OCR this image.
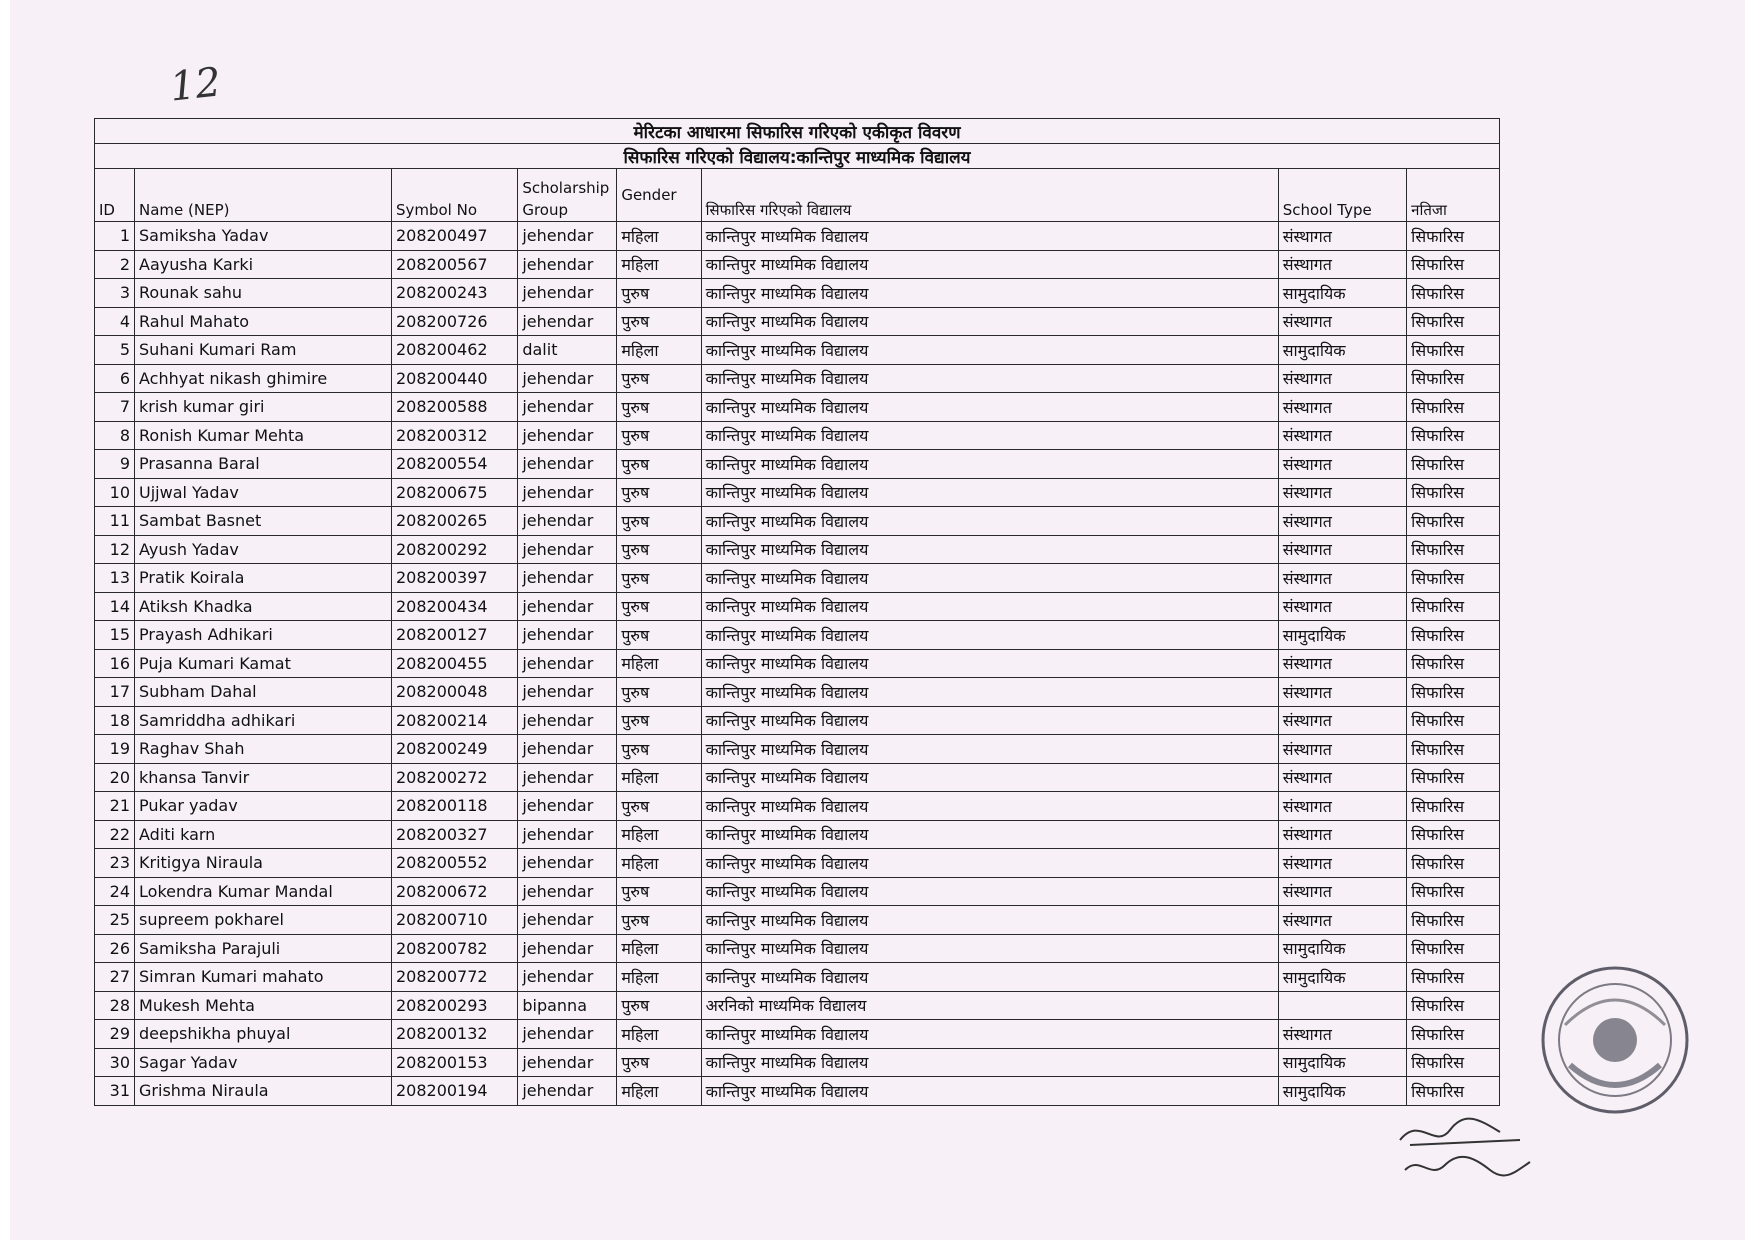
12
मेरिटका आधारमा सिफारिस गरिएको एकीकृत विवरण							
सिफारिस गरिएको विद्यालय:कान्तिपुर माध्यमिक विद्यालय							
ID	Name (NEP)	Symbol No	Scholarship Group	Gender	सिफारिस गरिएको विद्यालय	School Type	नतिजा
1	Samiksha Yadav	208200497	jehendar	महिला	कान्तिपुर माध्यमिक विद्यालय	संस्थागत	सिफारिस
2	Aayusha Karki	208200567	jehendar	महिला	कान्तिपुर माध्यमिक विद्यालय	संस्थागत	सिफारिस
3	Rounak sahu	208200243	jehendar	पुरुष	कान्तिपुर माध्यमिक विद्यालय	सामुदायिक	सिफारिस
4	Rahul Mahato	208200726	jehendar	पुरुष	कान्तिपुर माध्यमिक विद्यालय	संस्थागत	सिफारिस
5	Suhani Kumari Ram	208200462	dalit	महिला	कान्तिपुर माध्यमिक विद्यालय	सामुदायिक	सिफारिस
6	Achhyat nikash ghimire	208200440	jehendar	पुरुष	कान्तिपुर माध्यमिक विद्यालय	संस्थागत	सिफारिस
7	krish kumar giri	208200588	jehendar	पुरुष	कान्तिपुर माध्यमिक विद्यालय	संस्थागत	सिफारिस
8	Ronish Kumar Mehta	208200312	jehendar	पुरुष	कान्तिपुर माध्यमिक विद्यालय	संस्थागत	सिफारिस
9	Prasanna Baral	208200554	jehendar	पुरुष	कान्तिपुर माध्यमिक विद्यालय	संस्थागत	सिफारिस
10	Ujjwal Yadav	208200675	jehendar	पुरुष	कान्तिपुर माध्यमिक विद्यालय	संस्थागत	सिफारिस
11	Sambat Basnet	208200265	jehendar	पुरुष	कान्तिपुर माध्यमिक विद्यालय	संस्थागत	सिफारिस
12	Ayush Yadav	208200292	jehendar	पुरुष	कान्तिपुर माध्यमिक विद्यालय	संस्थागत	सिफारिस
13	Pratik Koirala	208200397	jehendar	पुरुष	कान्तिपुर माध्यमिक विद्यालय	संस्थागत	सिफारिस
14	Atiksh Khadka	208200434	jehendar	पुरुष	कान्तिपुर माध्यमिक विद्यालय	संस्थागत	सिफारिस
15	Prayash Adhikari	208200127	jehendar	पुरुष	कान्तिपुर माध्यमिक विद्यालय	सामुदायिक	सिफारिस
16	Puja Kumari Kamat	208200455	jehendar	महिला	कान्तिपुर माध्यमिक विद्यालय	संस्थागत	सिफारिस
17	Subham Dahal	208200048	jehendar	पुरुष	कान्तिपुर माध्यमिक विद्यालय	संस्थागत	सिफारिस
18	Samriddha adhikari	208200214	jehendar	पुरुष	कान्तिपुर माध्यमिक विद्यालय	संस्थागत	सिफारिस
19	Raghav Shah	208200249	jehendar	पुरुष	कान्तिपुर माध्यमिक विद्यालय	संस्थागत	सिफारिस
20	khansa Tanvir	208200272	jehendar	महिला	कान्तिपुर माध्यमिक विद्यालय	संस्थागत	सिफारिस
21	Pukar yadav	208200118	jehendar	पुरुष	कान्तिपुर माध्यमिक विद्यालय	संस्थागत	सिफारिस
22	Aditi karn	208200327	jehendar	महिला	कान्तिपुर माध्यमिक विद्यालय	संस्थागत	सिफारिस
23	Kritigya Niraula	208200552	jehendar	महिला	कान्तिपुर माध्यमिक विद्यालय	संस्थागत	सिफारिस
24	Lokendra Kumar Mandal	208200672	jehendar	पुरुष	कान्तिपुर माध्यमिक विद्यालय	संस्थागत	सिफारिस
25	supreem pokharel	208200710	jehendar	पुरुष	कान्तिपुर माध्यमिक विद्यालय	संस्थागत	सिफारिस
26	Samiksha Parajuli	208200782	jehendar	महिला	कान्तिपुर माध्यमिक विद्यालय	सामुदायिक	सिफारिस
27	Simran Kumari mahato	208200772	jehendar	महिला	कान्तिपुर माध्यमिक विद्यालय	सामुदायिक	सिफारिस
28	Mukesh Mehta	208200293	bipanna	पुरुष	अरनिको माध्यमिक विद्यालय		सिफारिस
29	deepshikha phuyal	208200132	jehendar	महिला	कान्तिपुर माध्यमिक विद्यालय	संस्थागत	सिफारिस
30	Sagar Yadav	208200153	jehendar	पुरुष	कान्तिपुर माध्यमिक विद्यालय	सामुदायिक	सिफारिस
31	Grishma Niraula	208200194	jehendar	महिला	कान्तिपुर माध्यमिक विद्यालय	सामुदायिक	सिफारिस
